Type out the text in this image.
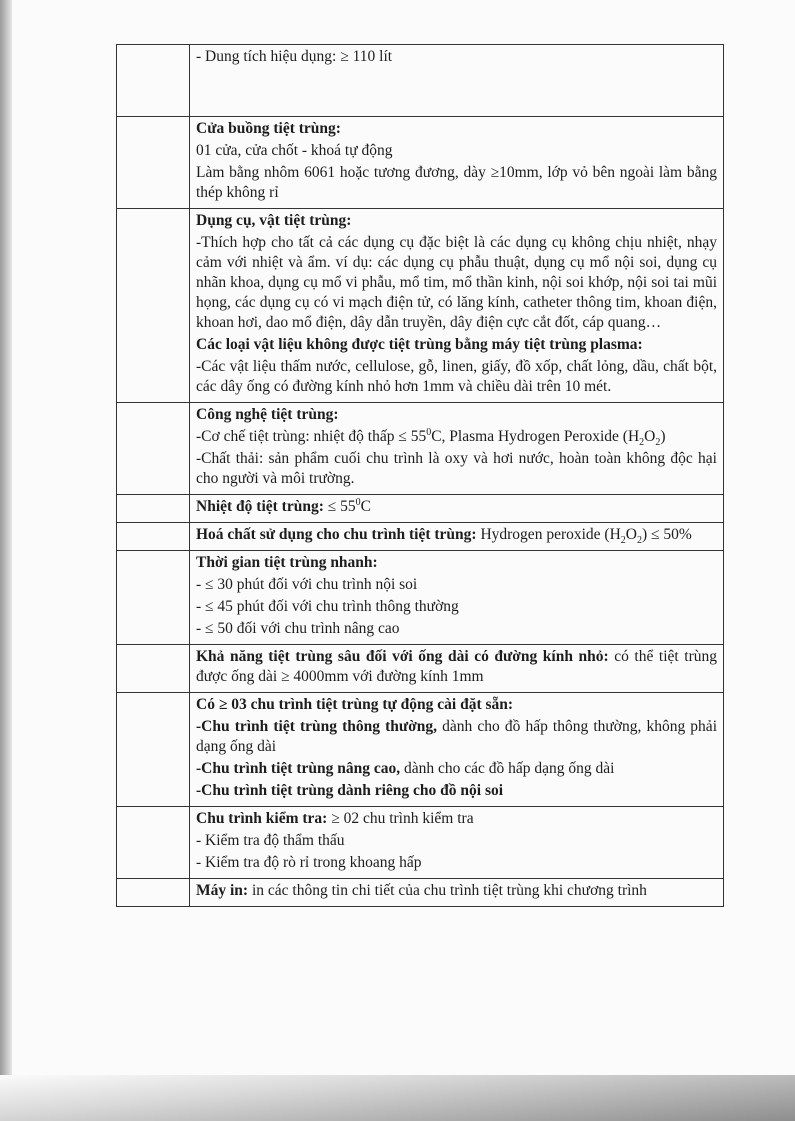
	- Dung tích hiệu dụng: ≥ 110 lít

	Cửa buồng tiệt trùng:
01 cửa, cửa chốt - khoá tự động
Làm bằng nhôm 6061 hoặc tương đương, dày ≥10mm, lớp vỏ bên ngoài làm bằng thép không rỉ

	Dụng cụ, vật tiệt trùng:
-Thích hợp cho tất cả các dụng cụ đặc biệt là các dụng cụ không chịu nhiệt, nhạy cảm với nhiệt và ẩm. ví dụ: các dụng cụ phẫu thuật, dụng cụ mổ nội soi, dụng cụ nhãn khoa, dụng cụ mổ vi phẫu, mổ tim, mổ thần kinh, nội soi khớp, nội soi tai mũi họng, các dụng cụ có vi mạch điện tử, có lăng kính, catheter thông tim, khoan điện, khoan hơi, dao mổ điện, dây dẫn truyền, dây điện cực cắt đốt, cáp quang…
Các loại vật liệu không được tiệt trùng bằng máy tiệt trùng plasma:
-Các vật liệu thấm nước, cellulose, gỗ, linen, giấy, đồ xốp, chất lỏng, dầu, chất bột, các dây ống có đường kính nhỏ hơn 1mm và chiều dài trên 10 mét.

	Công nghệ tiệt trùng:
-Cơ chế tiệt trùng: nhiệt độ thấp ≤ $55^0C$, Plasma Hydrogen Peroxide $(H_2O_2)$
-Chất thải: sản phẩm cuối chu trình là oxy và hơi nước, hoàn toàn không độc hại cho người và môi trường.

	Nhiệt độ tiệt trùng: ≤ $55^0C$

	Hoá chất sử dụng cho chu trình tiệt trùng: Hydrogen peroxide $(H_2O_2) \le 50\%$

	Thời gian tiệt trùng nhanh:
- ≤ 30 phút đối với chu trình nội soi
- ≤ 45 phút đối với chu trình thông thường
- ≤ 50 đối với chu trình nâng cao

	Khả năng tiệt trùng sâu đối với ống dài có đường kính nhỏ: có thể tiệt trùng được ống dài ≥ 4000mm với đường kính 1mm

	Có ≥ 03 chu trình tiệt trùng tự động cài đặt sẵn:
-Chu trình tiệt trùng thông thường, dành cho đồ hấp thông thường, không phải dạng ống dài
-Chu trình tiệt trùng nâng cao, dành cho các đồ hấp dạng ống dài
-Chu trình tiệt trùng dành riêng cho đồ nội soi

	Chu trình kiểm tra: ≥ 02 chu trình kiểm tra
- Kiểm tra độ thẩm thấu
- Kiểm tra độ rò rỉ trong khoang hấp

	Máy in: in các thông tin chi tiết của chu trình tiệt trùng khi chương trình
